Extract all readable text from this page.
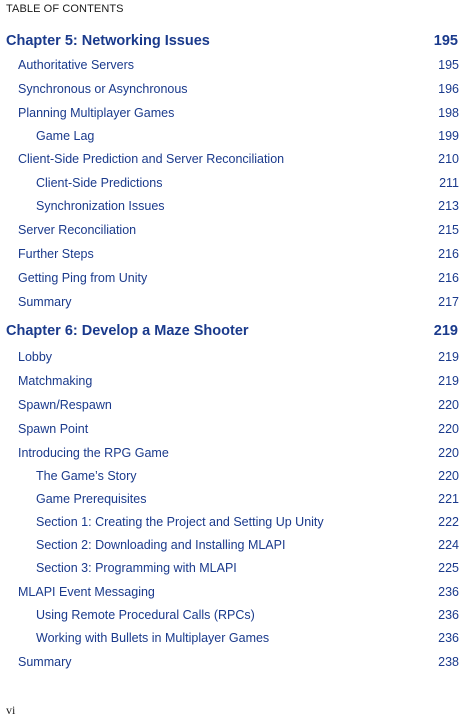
TABLE OF CONTENTS
Chapter 5: Networking Issues	195
Authoritative Servers	195
Synchronous or Asynchronous	196
Planning Multiplayer Games	198
Game Lag	199
Client-Side Prediction and Server Reconciliation	210
Client-Side Predictions	211
Synchronization Issues	213
Server Reconciliation	215
Further Steps	216
Getting Ping from Unity	216
Summary	217
Chapter 6: Develop a Maze Shooter	219
Lobby	219
Matchmaking	219
Spawn/Respawn	220
Spawn Point	220
Introducing the RPG Game	220
The Game’s Story	220
Game Prerequisites	221
Section 1: Creating the Project and Setting Up Unity	222
Section 2: Downloading and Installing MLAPI	224
Section 3: Programming with MLAPI	225
MLAPI Event Messaging	236
Using Remote Procedural Calls (RPCs)	236
Working with Bullets in Multiplayer Games	236
Summary	238
vi
